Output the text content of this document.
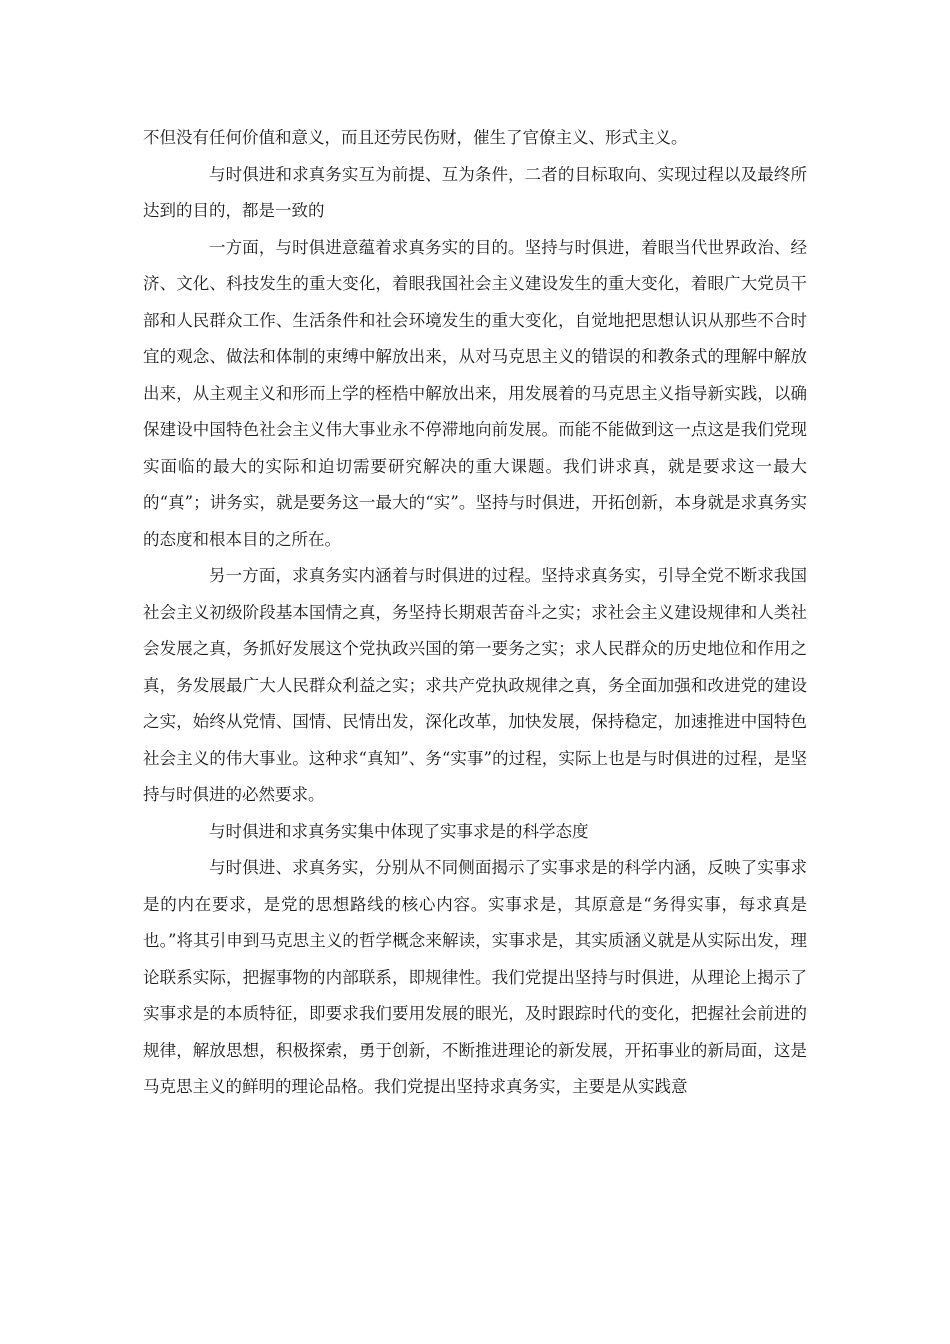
不但没有任何价值和意义，而且还劳民伤财，催生了官僚主义、形式主义。

与时俱进和求真务实互为前提、互为条件，二者的目标取向、实现过程以及最终所达到的目的，都是一致的

一方面，与时俱进意蕴着求真务实的目的。坚持与时俱进，着眼当代世界政治、经济、文化、科技发生的重大变化，着眼我国社会主义建设发生的重大变化，着眼广大党员干部和人民群众工作、生活条件和社会环境发生的重大变化，自觉地把思想认识从那些不合时宜的观念、做法和体制的束缚中解放出来，从对马克思主义的错误的和教条式的理解中解放出来，从主观主义和形而上学的桎梏中解放出来，用发展着的马克思主义指导新实践，以确保建设中国特色社会主义伟大事业永不停滞地向前发展。而能不能做到这一点这是我们党现实面临的最大的实际和迫切需要研究解决的重大课题。我们讲求真，就是要求这一最大的“真”；讲务实，就是要务这一最大的“实”。坚持与时俱进，开拓创新，本身就是求真务实的态度和根本目的之所在。

另一方面，求真务实内涵着与时俱进的过程。坚持求真务实，引导全党不断求我国社会主义初级阶段基本国情之真，务坚持长期艰苦奋斗之实；求社会主义建设规律和人类社会发展之真，务抓好发展这个党执政兴国的第一要务之实；求人民群众的历史地位和作用之真，务发展最广大人民群众利益之实；求共产党执政规律之真，务全面加强和改进党的建设之实，始终从党情、国情、民情出发，深化改革，加快发展，保持稳定，加速推进中国特色社会主义的伟大事业。这种求“真知”、务“实事”的过程，实际上也是与时俱进的过程，是坚持与时俱进的必然要求。

与时俱进和求真务实集中体现了实事求是的科学态度

与时俱进、求真务实，分别从不同侧面揭示了实事求是的科学内涵，反映了实事求是的内在要求，是党的思想路线的核心内容。实事求是，其原意是“务得实事，每求真是也。”将其引申到马克思主义的哲学概念来解读，实事求是，其实质涵义就是从实际出发，理论联系实际，把握事物的内部联系，即规律性。我们党提出坚持与时俱进，从理论上揭示了实事求是的本质特征，即要求我们要用发展的眼光，及时跟踪时代的变化，把握社会前进的规律，解放思想，积极探索，勇于创新，不断推进理论的新发展，开拓事业的新局面，这是马克思主义的鲜明的理论品格。我们党提出坚持求真务实，主要是从实践意
